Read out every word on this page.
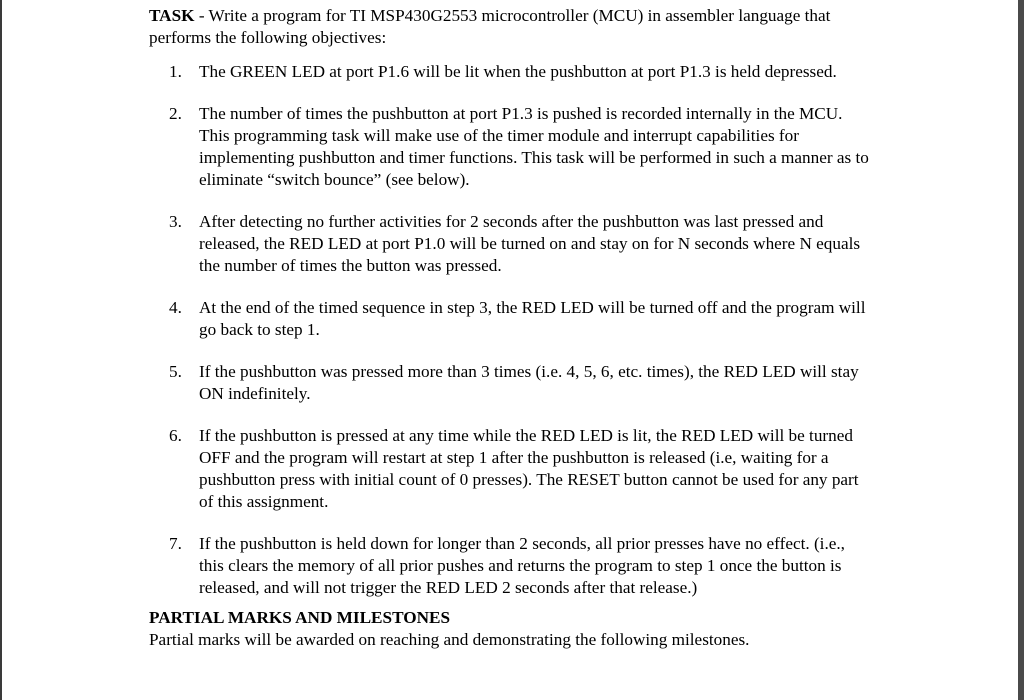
TASK - Write a program for TI MSP430G2553 microcontroller (MCU) in assembler language that performs the following objectives:

1. The GREEN LED at port P1.6 will be lit when the pushbutton at port P1.3 is held depressed.
2. The number of times the pushbutton at port P1.3 is pushed is recorded internally in the MCU. This programming task will make use of the timer module and interrupt capabilities for implementing pushbutton and timer functions. This task will be performed in such a manner as to eliminate “switch bounce” (see below).
3. After detecting no further activities for 2 seconds after the pushbutton was last pressed and released, the RED LED at port P1.0 will be turned on and stay on for N seconds where N equals the number of times the button was pressed.
4. At the end of the timed sequence in step 3, the RED LED will be turned off and the program will go back to step 1.
5. If the pushbutton was pressed more than 3 times (i.e. 4, 5, 6, etc. times), the RED LED will stay ON indefinitely.
6. If the pushbutton is pressed at any time while the RED LED is lit, the RED LED will be turned OFF and the program will restart at step 1 after the pushbutton is released (i.e, waiting for a pushbutton press with initial count of 0 presses). The RESET button cannot be used for any part of this assignment.
7. If the pushbutton is held down for longer than 2 seconds, all prior presses have no effect. (i.e., this clears the memory of all prior pushes and returns the program to step 1 once the button is released, and will not trigger the RED LED 2 seconds after that release.)

PARTIAL MARKS AND MILESTONES

Partial marks will be awarded on reaching and demonstrating the following milestones.
